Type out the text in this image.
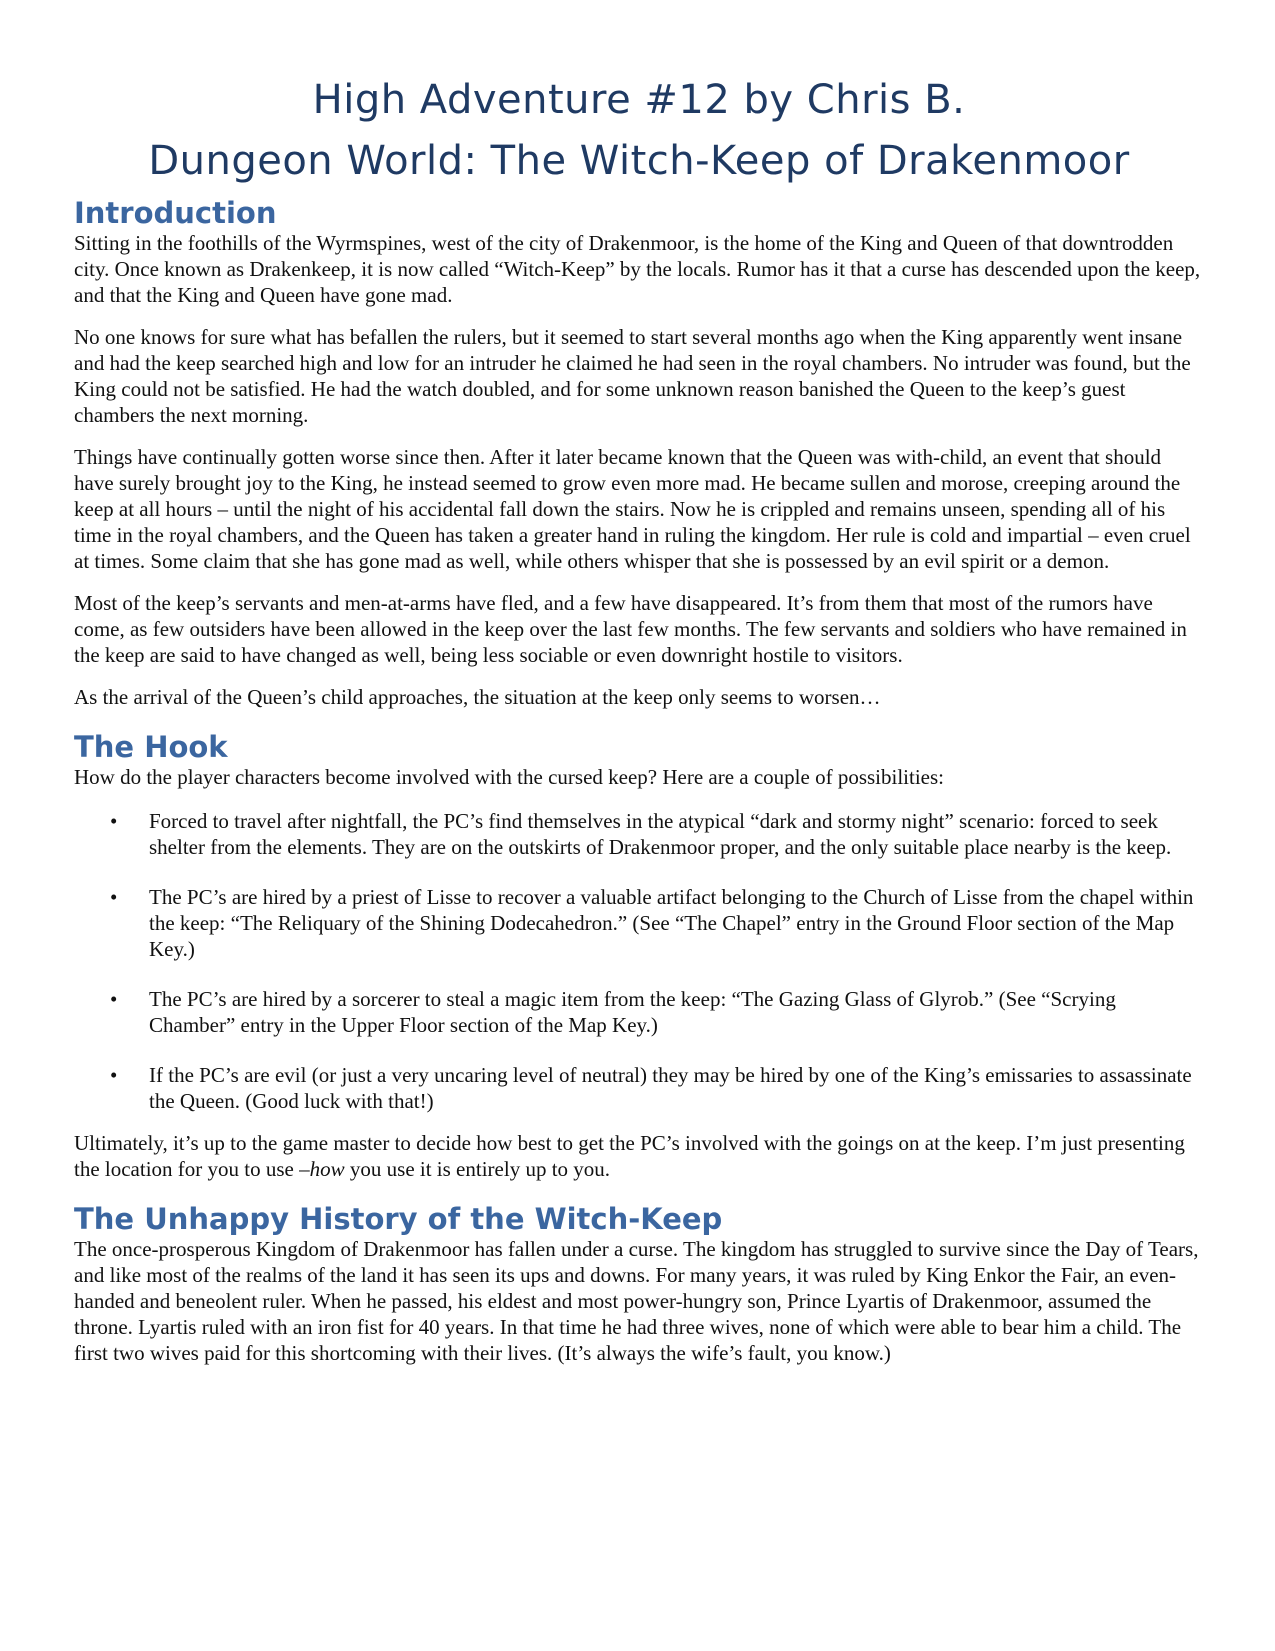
High Adventure #12 by Chris B.
Dungeon World: The Witch-Keep of Drakenmoor
Introduction

Sitting in the foothills of the Wyrmspines, west of the city of Drakenmoor, is the home of the King and Queen of that downtrodden city. Once known as Drakenkeep, it is now called “Witch-Keep” by the locals. Rumor has it that a curse has descended upon the keep, and that the King and Queen have gone mad.

No one knows for sure what has befallen the rulers, but it seemed to start several months ago when the King apparently went insane and had the keep searched high and low for an intruder he claimed he had seen in the royal chambers. No intruder was found, but the King could not be satisfied. He had the watch doubled, and for some unknown reason banished the Queen to the keep’s guest chambers the next morning.

Things have continually gotten worse since then. After it later became known that the Queen was with-child, an event that should have surely brought joy to the King, he instead seemed to grow even more mad. He became sullen and morose, creeping around the keep at all hours – until the night of his accidental fall down the stairs. Now he is crippled and remains unseen, spending all of his time in the royal chambers, and the Queen has taken a greater hand in ruling the kingdom. Her rule is cold and impartial – even cruel at times. Some claim that she has gone mad as well, while others whisper that she is possessed by an evil spirit or a demon.

Most of the keep’s servants and men-at-arms have fled, and a few have disappeared. It’s from them that most of the rumors have come, as few outsiders have been allowed in the keep over the last few months. The few servants and soldiers who have remained in the keep are said to have changed as well, being less sociable or even downright hostile to visitors.

As the arrival of the Queen’s child approaches, the situation at the keep only seems to worsen…

The Hook

How do the player characters become involved with the cursed keep? Here are a couple of possibilities:

• Forced to travel after nightfall, the PC’s find themselves in the atypical “dark and stormy night” scenario: forced to seek shelter from the elements. They are on the outskirts of Drakenmoor proper, and the only suitable place nearby is the keep.
• The PC’s are hired by a priest of Lisse to recover a valuable artifact belonging to the Church of Lisse from the chapel within the keep: “The Reliquary of the Shining Dodecahedron.” (See “The Chapel” entry in the Ground Floor section of the Map Key.)
• The PC’s are hired by a sorcerer to steal a magic item from the keep: “The Gazing Glass of Glyrob.” (See “Scrying Chamber” entry in the Upper Floor section of the Map Key.)
• If the PC’s are evil (or just a very uncaring level of neutral) they may be hired by one of the King’s emissaries to assassinate the Queen. (Good luck with that!)

Ultimately, it’s up to the game master to decide how best to get the PC’s involved with the goings on at the keep. I’m just presenting the location for you to use –how you use it is entirely up to you.

The Unhappy History of the Witch-Keep

The once-prosperous Kingdom of Drakenmoor has fallen under a curse. The kingdom has struggled to survive since the Day of Tears, and like most of the realms of the land it has seen its ups and downs. For many years, it was ruled by King Enkor the Fair, an even-handed and beneolent ruler. When he passed, his eldest and most power-hungry son, Prince Lyartis of Drakenmoor, assumed the throne. Lyartis ruled with an iron fist for 40 years. In that time he had three wives, none of which were able to bear him a child. The first two wives paid for this shortcoming with their lives. (It’s always the wife’s fault, you know.)
